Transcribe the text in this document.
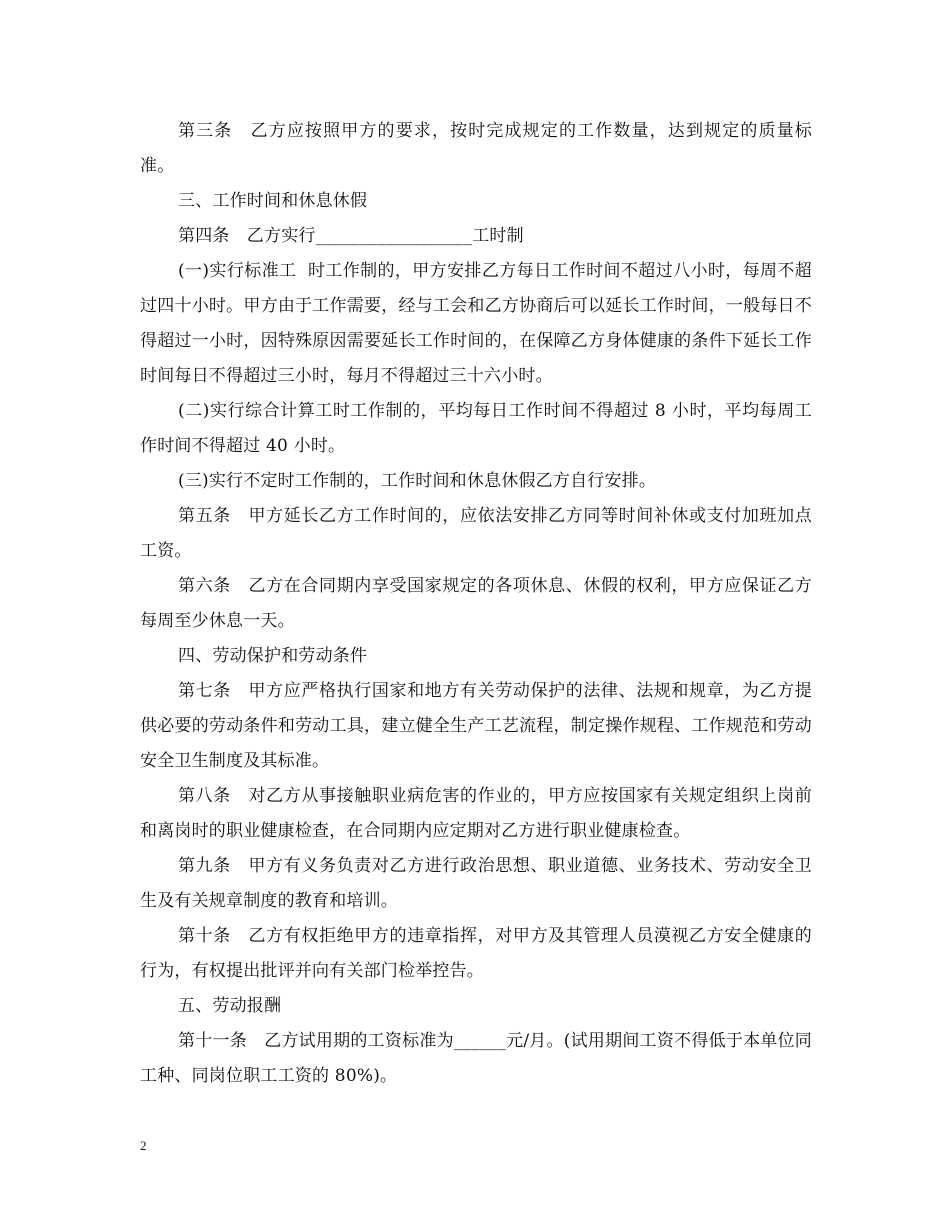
第三条　乙方应按照甲方的要求，按时完成规定的工作数量，达到规定的质量标准。

三、工作时间和休息休假

第四条　乙方实行__________________工时制

(一)实行标准工  时工作制的，甲方安排乙方每日工作时间不超过八小时，每周不超过四十小时。甲方由于工作需要，经与工会和乙方协商后可以延长工作时间，一般每日不得超过一小时，因特殊原因需要延长工作时间的，在保障乙方身体健康的条件下延长工作时间每日不得超过三小时，每月不得超过三十六小时。

(二)实行综合计算工时工作制的，平均每日工作时间不得超过 8 小时，平均每周工作时间不得超过 40 小时。

(三)实行不定时工作制的，工作时间和休息休假乙方自行安排。

第五条　甲方延长乙方工作时间的，应依法安排乙方同等时间补休或支付加班加点工资。

第六条　乙方在合同期内享受国家规定的各项休息、休假的权利，甲方应保证乙方每周至少休息一天。

四、劳动保护和劳动条件

第七条　甲方应严格执行国家和地方有关劳动保护的法律、法规和规章，为乙方提供必要的劳动条件和劳动工具，建立健全生产工艺流程，制定操作规程、工作规范和劳动安全卫生制度及其标准。

第八条　对乙方从事接触职业病危害的作业的，甲方应按国家有关规定组织上岗前和离岗时的职业健康检查，在合同期内应定期对乙方进行职业健康检查。

第九条　甲方有义务负责对乙方进行政治思想、职业道德、业务技术、劳动安全卫生及有关规章制度的教育和培训。

第十条　乙方有权拒绝甲方的违章指挥，对甲方及其管理人员漠视乙方安全健康的行为，有权提出批评并向有关部门检举控告。

五、劳动报酬

第十一条　乙方试用期的工资标准为______元/月。(试用期间工资不得低于本单位同工种、同岗位职工工资的 80%)。

2
